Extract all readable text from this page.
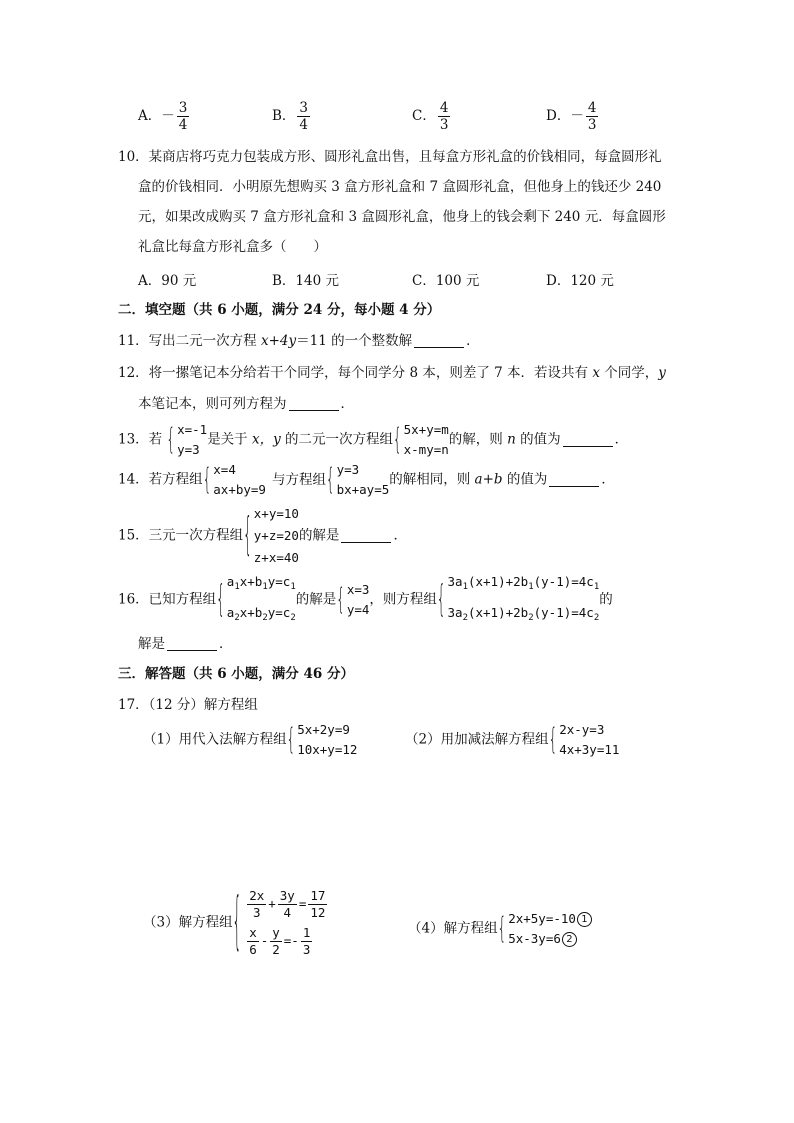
A．－ $\frac{3}{4}$	B． $\frac{3}{4}$	C． $\frac{4}{3}$	D．－ $\frac{4}{3}$
10．某商店将巧克力包装成方形、圆形礼盒出售，且每盒方形礼盒的价钱相同，每盒圆形礼
盒的价钱相同．小明原先想购买 3 盒方形礼盒和 7 盒圆形礼盒，但他身上的钱还少 240
元，如果改成购买 7 盒方形礼盒和 3 盒圆形礼盒，他身上的钱会剩下 240 元．每盒圆形
礼盒比每盒方形礼盒多（　　）
A．90 元	B．140 元	C．100 元	D．120 元
二．填空题（共 6 小题，满分 24 分，每小题 4 分）
11．写出二元一次方程 x+4y＝11 的一个整数解	．
12．将一摞笔记本分给若干个同学，每个同学分 8 本，则差了 7 本．若设共有 x 个同学，y
本笔记本，则可列方程为	．
13．若 { x=-1
y=3
是关于 x，y 的二元一次方程组 { 5x+y=m
x-my=n
的解，则 n 的值为	．
14．若方程组 { x=4
ax+by=9
与方程组 { y=3
bx+ay=5
的解相同，则 a+b 的值为	．
15．三元一次方程组 { x+y=10
y+z=20
z+x=40
的解是	．
16．已知方程组 { $a_1x+b_1y=c_1$
$a_2x+b_2y=c_2$
的解是 { x=3
y=4
，则方程组 { $3a_1(x+1)+2b_1(y-1)=4c_1$
$3a_2(x+1)+2b_2(y-1)=4c_2$
的
解是	．
三．解答题（共 6 小题，满分 46 分）
17．（12 分）解方程组
（1）用代入法解方程组 { 5x+2y=9
10x+y=12
（2）用加减法解方程组 { 2x-y=3
4x+3y=11
（3）解方程组 { $\frac{2x}{3} + \frac{3y}{4} = \frac{17}{12}$
$\frac{x}{6} - \frac{y}{2} =- \frac{1}{3}$	（4）解方程组 { 2x+5y=-10 1
5x-3y=6 2
